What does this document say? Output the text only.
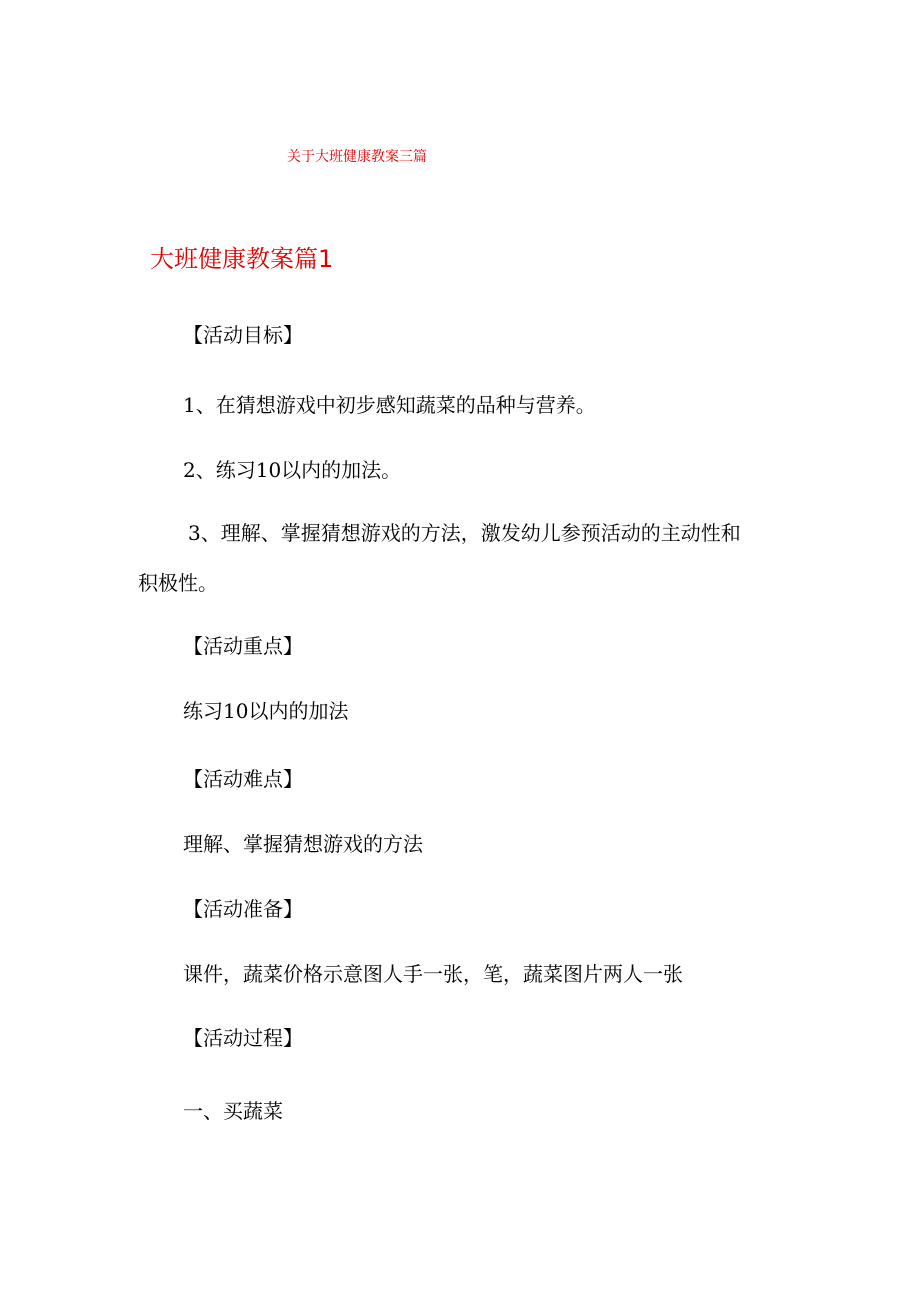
关于大班健康教案三篇
大班健康教案篇1
【活动目标】
1、在猜想游戏中初步感知蔬菜的品种与营养。
2、练习10以内的加法。
3、理解、掌握猜想游戏的方法，激发幼儿参预活动的主动性和
积极性。
【活动重点】
练习10以内的加法
【活动难点】
理解、掌握猜想游戏的方法
【活动准备】
课件，蔬菜价格示意图人手一张，笔，蔬菜图片两人一张
【活动过程】
一、买蔬菜
